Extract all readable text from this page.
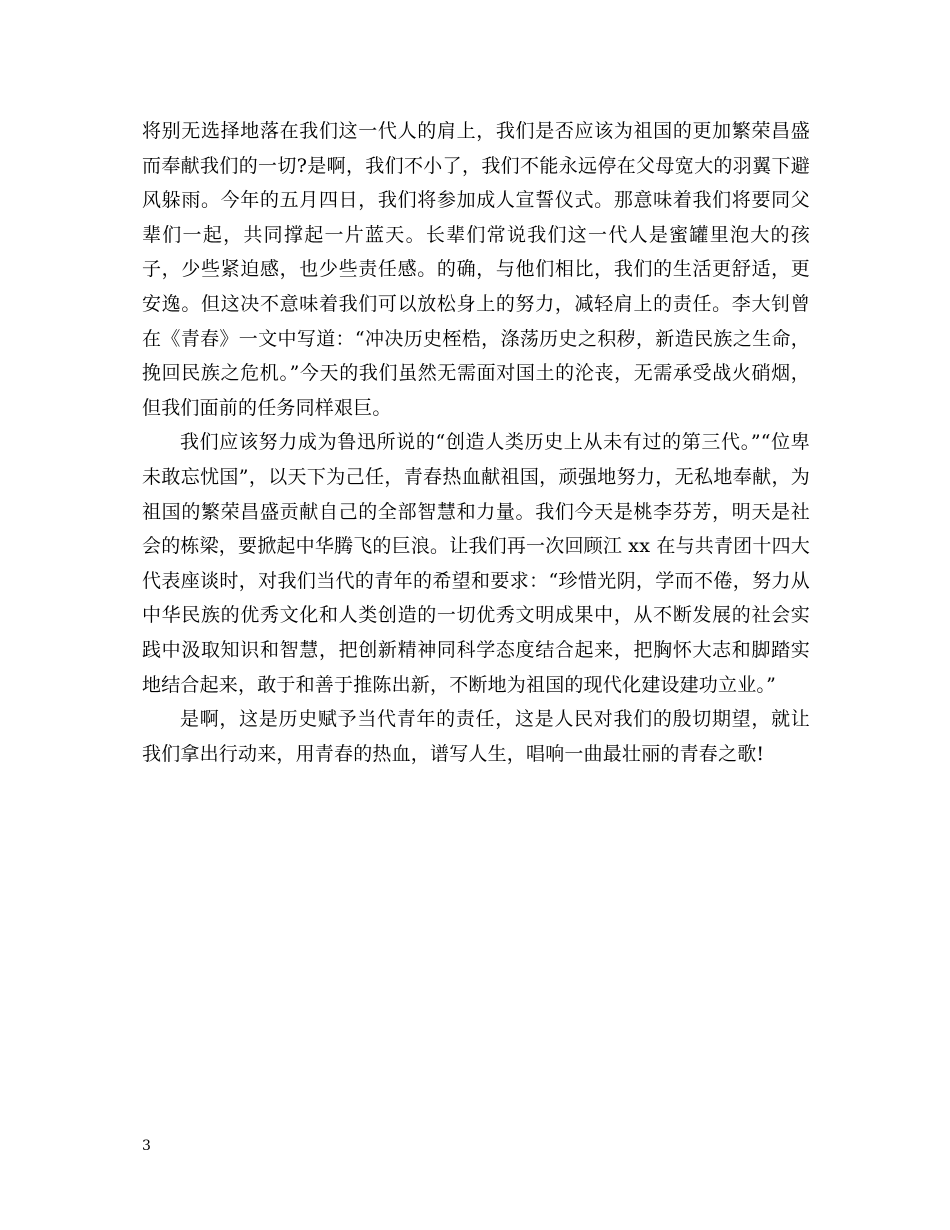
将别无选择地落在我们这一代人的肩上，我们是否应该为祖国的更加繁荣昌盛而奉献我们的一切?是啊，我们不小了，我们不能永远停在父母宽大的羽翼下避风躲雨。今年的五月四日，我们将参加成人宣誓仪式。那意味着我们将要同父辈们一起，共同撑起一片蓝天。长辈们常说我们这一代人是蜜罐里泡大的孩子，少些紧迫感，也少些责任感。的确，与他们相比，我们的生活更舒适，更安逸。但这决不意味着我们可以放松身上的努力，减轻肩上的责任。李大钊曾在《青春》一文中写道：“冲决历史桎梏，涤荡历史之积秽，新造民族之生命，挽回民族之危机。”今天的我们虽然无需面对国土的沦丧，无需承受战火硝烟，但我们面前的任务同样艰巨。

我们应该努力成为鲁迅所说的“创造人类历史上从未有过的第三代。”“位卑未敢忘忧国”，以天下为己任，青春热血献祖国，顽强地努力，无私地奉献，为祖国的繁荣昌盛贡献自己的全部智慧和力量。我们今天是桃李芬芳，明天是社会的栋梁，要掀起中华腾飞的巨浪。让我们再一次回顾江 xx 在与共青团十四大代表座谈时，对我们当代的青年的希望和要求：“珍惜光阴，学而不倦，努力从中华民族的优秀文化和人类创造的一切优秀文明成果中，从不断发展的社会实践中汲取知识和智慧，把创新精神同科学态度结合起来，把胸怀大志和脚踏实地结合起来，敢于和善于推陈出新，不断地为祖国的现代化建设建功立业。”

是啊，这是历史赋予当代青年的责任，这是人民对我们的殷切期望，就让我们拿出行动来，用青春的热血，谱写人生，唱响一曲最壮丽的青春之歌!

3
